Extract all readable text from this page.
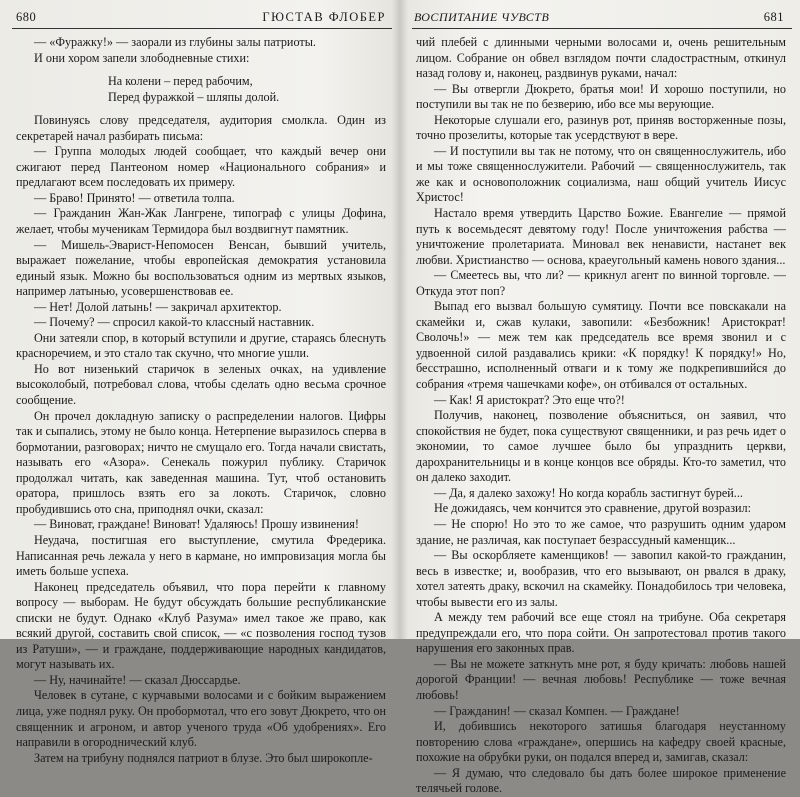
680	ГЮСТАВ ФЛОБЕР

— «Фуражку!» — заорали из глубины залы патриоты.

И они хором запели злободневные стихи:

На колени – перед рабочим,

Перед фуражкой – шляпы долой.

Повинуясь слову председателя, аудитория смолкла. Один из секретарей начал разбирать письма:

— Группа молодых людей сообщает, что каждый вечер они сжигают перед Пантеоном номер «Национального собрания» и предлагают всем последовать их примеру.

— Браво! Принято! — ответила толпа.

— Гражданин Жан-Жак Лангрене, типограф с улицы Дофина, желает, чтобы мученикам Термидора был воздвигнут памятник.

— Мишель-Эварист-Непомосен Венсан, бывший учитель, выражает пожелание, чтобы европейская демократия установила единый язык. Можно бы воспользоваться одним из мертвых языков, например латынью, усовершенствовав ее.

— Нет! Долой латынь! — закричал архитектор.

— Почему? — спросил какой-то классный наставник.

Они затеяли спор, в который вступили и другие, стараясь блеснуть красноречием, и это стало так скучно, что многие ушли.

Но вот низенький старичок в зеленых очках, на удивление высоколобый, потребовал слова, чтобы сделать одно весьма срочное сообщение.

Он прочел докладную записку о распределении налогов. Цифры так и сыпались, этому не было конца. Нетерпение выразилось сперва в бормотании, разговорах; ничто не смущало его. Тогда начали свистать, называть его «Азора». Сенекаль пожурил публику. Старичок продолжал читать, как заведенная машина. Тут, чтоб остановить оратора, пришлось взять его за локоть. Старичок, словно пробудившись ото сна, приподнял очки, сказал:

— Виноват, граждане! Виноват! Удаляюсь! Прошу извинения!

Неудача, постигшая его выступление, смутила Фредерика. Написанная речь лежала у него в кармане, но импровизация могла бы иметь больше успеха.

Наконец председатель объявил, что пора перейти к главному вопросу — выборам. Не будут обсуждать большие республиканские списки не будут. Однако «Клуб Разума» имел такое же право, как всякий другой, составить свой список, — «с позволения господ тузов из Ратуши», — и граждане, поддерживающие народных кандидатов, могут называть их.

— Ну, начинайте! — сказал Дюссардье.

Человек в сутане, с курчавыми волосами и с бойким выражением лица, уже поднял руку. Он пробормотал, что его зовут Дюкрето, что он священник и агроном, и автор ученого труда «Об удобрениях». Его направили в огороднический клуб.

Затем на трибуну поднялся патриот в блузе. Это был широкопле-

ВОСПИТАНИЕ ЧУВСТВ	681

чий плебей с длинными черными волосами и, очень решительным лицом. Собрание он обвел взглядом почти сладострастным, откинул назад голову и, наконец, раздвинув руками, начал:

— Вы отвергли Дюкрето, братья мои! И хорошо поступили, но поступили вы так не по безверию, ибо все мы верующие.

Некоторые слушали его, разинув рот, приняв восторженные позы, точно прозелиты, которые так усердствуют в вере.

— И поступили вы так не потому, что он священнослужитель, ибо и мы тоже священнослужители. Рабочий — священнослужитель, так же как и основоположник социализма, наш общий учитель Иисус Христос!

Настало время утвердить Царство Божие. Евангелие — прямой путь к восемьдесят девятому году! После уничтожения рабства — уничтожение пролетариата. Миновал век ненависти, настанет век любви. Христианство — основа, краеугольный камень нового здания...

— Смеетесь вы, что ли? — крикнул агент по винной торговле. — Откуда этот поп?

Выпад его вызвал большую сумятицу. Почти все повскакали на скамейки и, сжав кулаки, завопили: «Безбожник! Аристократ! Сволочь!» — меж тем как председатель все время звонил и с удвоенной силой раздавались крики: «К порядку! К порядку!» Но, бесстрашно, исполненный отваги и к тому же подкрепившийся до собрания «тремя чашечками кофе», он отбивался от остальных.

— Как! Я аристократ? Это еще что?!

Получив, наконец, позволение объясниться, он заявил, что спокойствия не будет, пока существуют священники, и раз речь идет о экономии, то самое лучшее было бы упразднить церкви, дарохранительницы и в конце концов все обряды. Кто-то заметил, что он далеко заходит.

— Да, я далеко захожу! Но когда корабль застигнут бурей...

Не дожидаясь, чем кончится это сравнение, другой возразил:

— Не спорю! Но это то же самое, что разрушить одним ударом здание, не различая, как поступает безрассудный каменщик...

— Вы оскорбляете каменщиков! — завопил какой-то гражданин, весь в известке; и, вообразив, что его вызывают, он рвался в драку, хотел затеять драку, вскочил на скамейку. Понадобилось три человека, чтобы вывести его из залы.

А между тем рабочий все еще стоял на трибуне. Оба секретаря предупреждали его, что пора сойти. Он запротестовал против такого нарушения его законных прав.

— Вы не можете заткнуть мне рот, я буду кричать: любовь нашей дорогой Франции! — вечная любовь! Республике — тоже вечная любовь!

— Гражданин! — сказал Компен. — Граждане!

И, добившись некоторого затишья благодаря неустанному повторению слова «граждане», опершись на кафедру своей красные, похожие на обрубки руки, он подался вперед и, замигав, сказал:

— Я думаю, что следовало бы дать более широкое применение телячьей голове.
